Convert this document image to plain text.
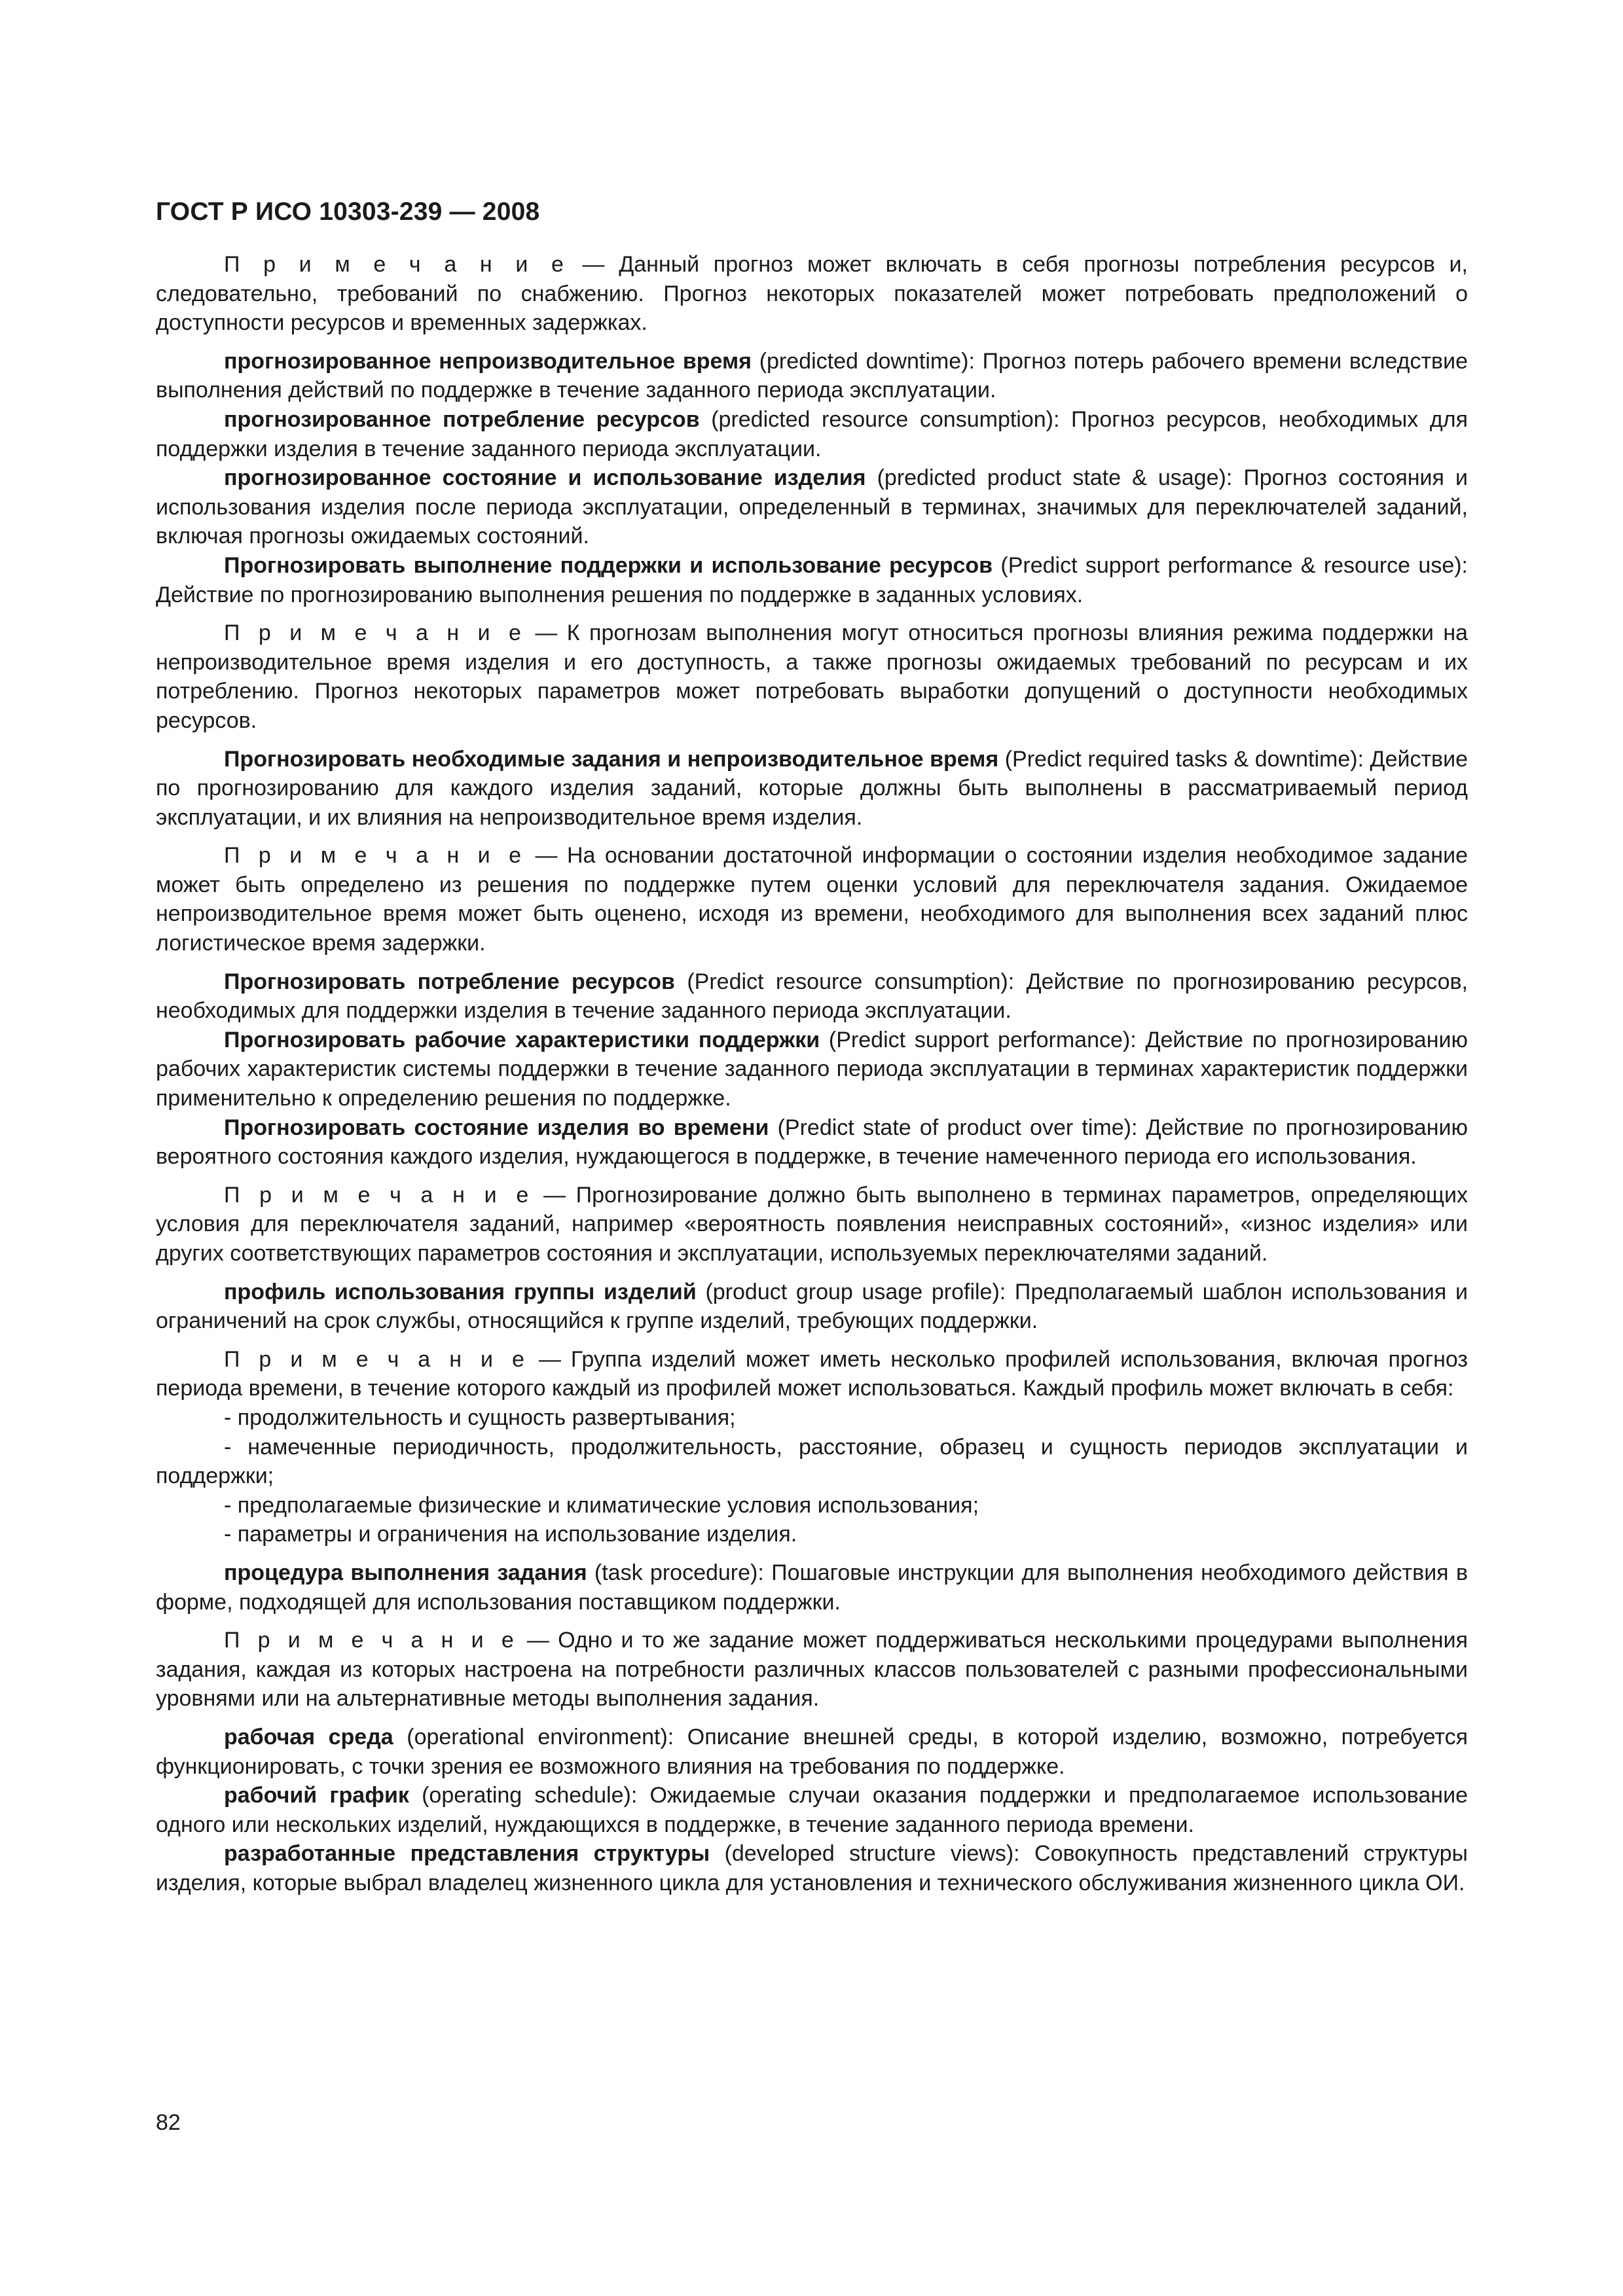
ГОСТ Р ИСО 10303-239 — 2008

П р и м е ч а н и е — Данный прогноз может включать в себя прогнозы потребления ресурсов и, следовательно, требований по снабжению. Прогноз некоторых показателей может потребовать предположений о доступности ресурсов и временных задержках.

прогнозированное непроизводительное время (predicted downtime): Прогноз потерь рабочего времени вследствие выполнения действий по поддержке в течение заданного периода эксплуатации.

прогнозированное потребление ресурсов (predicted resource consumption): Прогноз ресурсов, необходимых для поддержки изделия в течение заданного периода эксплуатации.

прогнозированное состояние и использование изделия (predicted product state & usage): Прогноз состояния и использования изделия после периода эксплуатации, определенный в терминах, значимых для переключателей заданий, включая прогнозы ожидаемых состояний.

Прогнозировать выполнение поддержки и использование ресурсов (Predict support performance & resource use): Действие по прогнозированию выполнения решения по поддержке в заданных условиях.

П р и м е ч а н и е — К прогнозам выполнения могут относиться прогнозы влияния режима поддержки на непроизводительное время изделия и его доступность, а также прогнозы ожидаемых требований по ресурсам и их потреблению. Прогноз некоторых параметров может потребовать выработки допущений о доступности необходимых ресурсов.

Прогнозировать необходимые задания и непроизводительное время (Predict required tasks & downtime): Действие по прогнозированию для каждого изделия заданий, которые должны быть выполнены в рассматриваемый период эксплуатации, и их влияния на непроизводительное время изделия.

П р и м е ч а н и е — На основании достаточной информации о состоянии изделия необходимое задание может быть определено из решения по поддержке путем оценки условий для переключателя задания. Ожидаемое непроизводительное время может быть оценено, исходя из времени, необходимого для выполнения всех заданий плюс логистическое время задержки.

Прогнозировать потребление ресурсов (Predict resource consumption): Действие по прогнозированию ресурсов, необходимых для поддержки изделия в течение заданного периода эксплуатации.

Прогнозировать рабочие характеристики поддержки (Predict support performance): Действие по прогнозированию рабочих характеристик системы поддержки в течение заданного периода эксплуатации в терминах характеристик поддержки применительно к определению решения по поддержке.

Прогнозировать состояние изделия во времени (Predict state of product over time): Действие по прогнозированию вероятного состояния каждого изделия, нуждающегося в поддержке, в течение намеченного периода его использования.

П р и м е ч а н и е — Прогнозирование должно быть выполнено в терминах параметров, определяющих условия для переключателя заданий, например «вероятность появления неисправных состояний», «износ изделия» или других соответствующих параметров состояния и эксплуатации, используемых переключателями заданий.

профиль использования группы изделий (product group usage profile): Предполагаемый шаблон использования и ограничений на срок службы, относящийся к группе изделий, требующих поддержки.

П р и м е ч а н и е — Группа изделий может иметь несколько профилей использования, включая прогноз периода времени, в течение которого каждый из профилей может использоваться. Каждый профиль может включать в себя:

- продолжительность и сущность развертывания;

- намеченные периодичность, продолжительность, расстояние, образец и сущность периодов эксплуатации и поддержки;

- предполагаемые физические и климатические условия использования;

- параметры и ограничения на использование изделия.

процедура выполнения задания (task procedure): Пошаговые инструкции для выполнения необходимого действия в форме, подходящей для использования поставщиком поддержки.

П р и м е ч а н и е — Одно и то же задание может поддерживаться несколькими процедурами выполнения задания, каждая из которых настроена на потребности различных классов пользователей с разными профессиональными уровнями или на альтернативные методы выполнения задания.

рабочая среда (operational environment): Описание внешней среды, в которой изделию, возможно, потребуется функционировать, с точки зрения ее возможного влияния на требования по поддержке.

рабочий график (operating schedule): Ожидаемые случаи оказания поддержки и предполагаемое использование одного или нескольких изделий, нуждающихся в поддержке, в течение заданного периода времени.

разработанные представления структуры (developed structure views): Совокупность представлений структуры изделия, которые выбрал владелец жизненного цикла для установления и технического обслуживания жизненного цикла ОИ.

82
